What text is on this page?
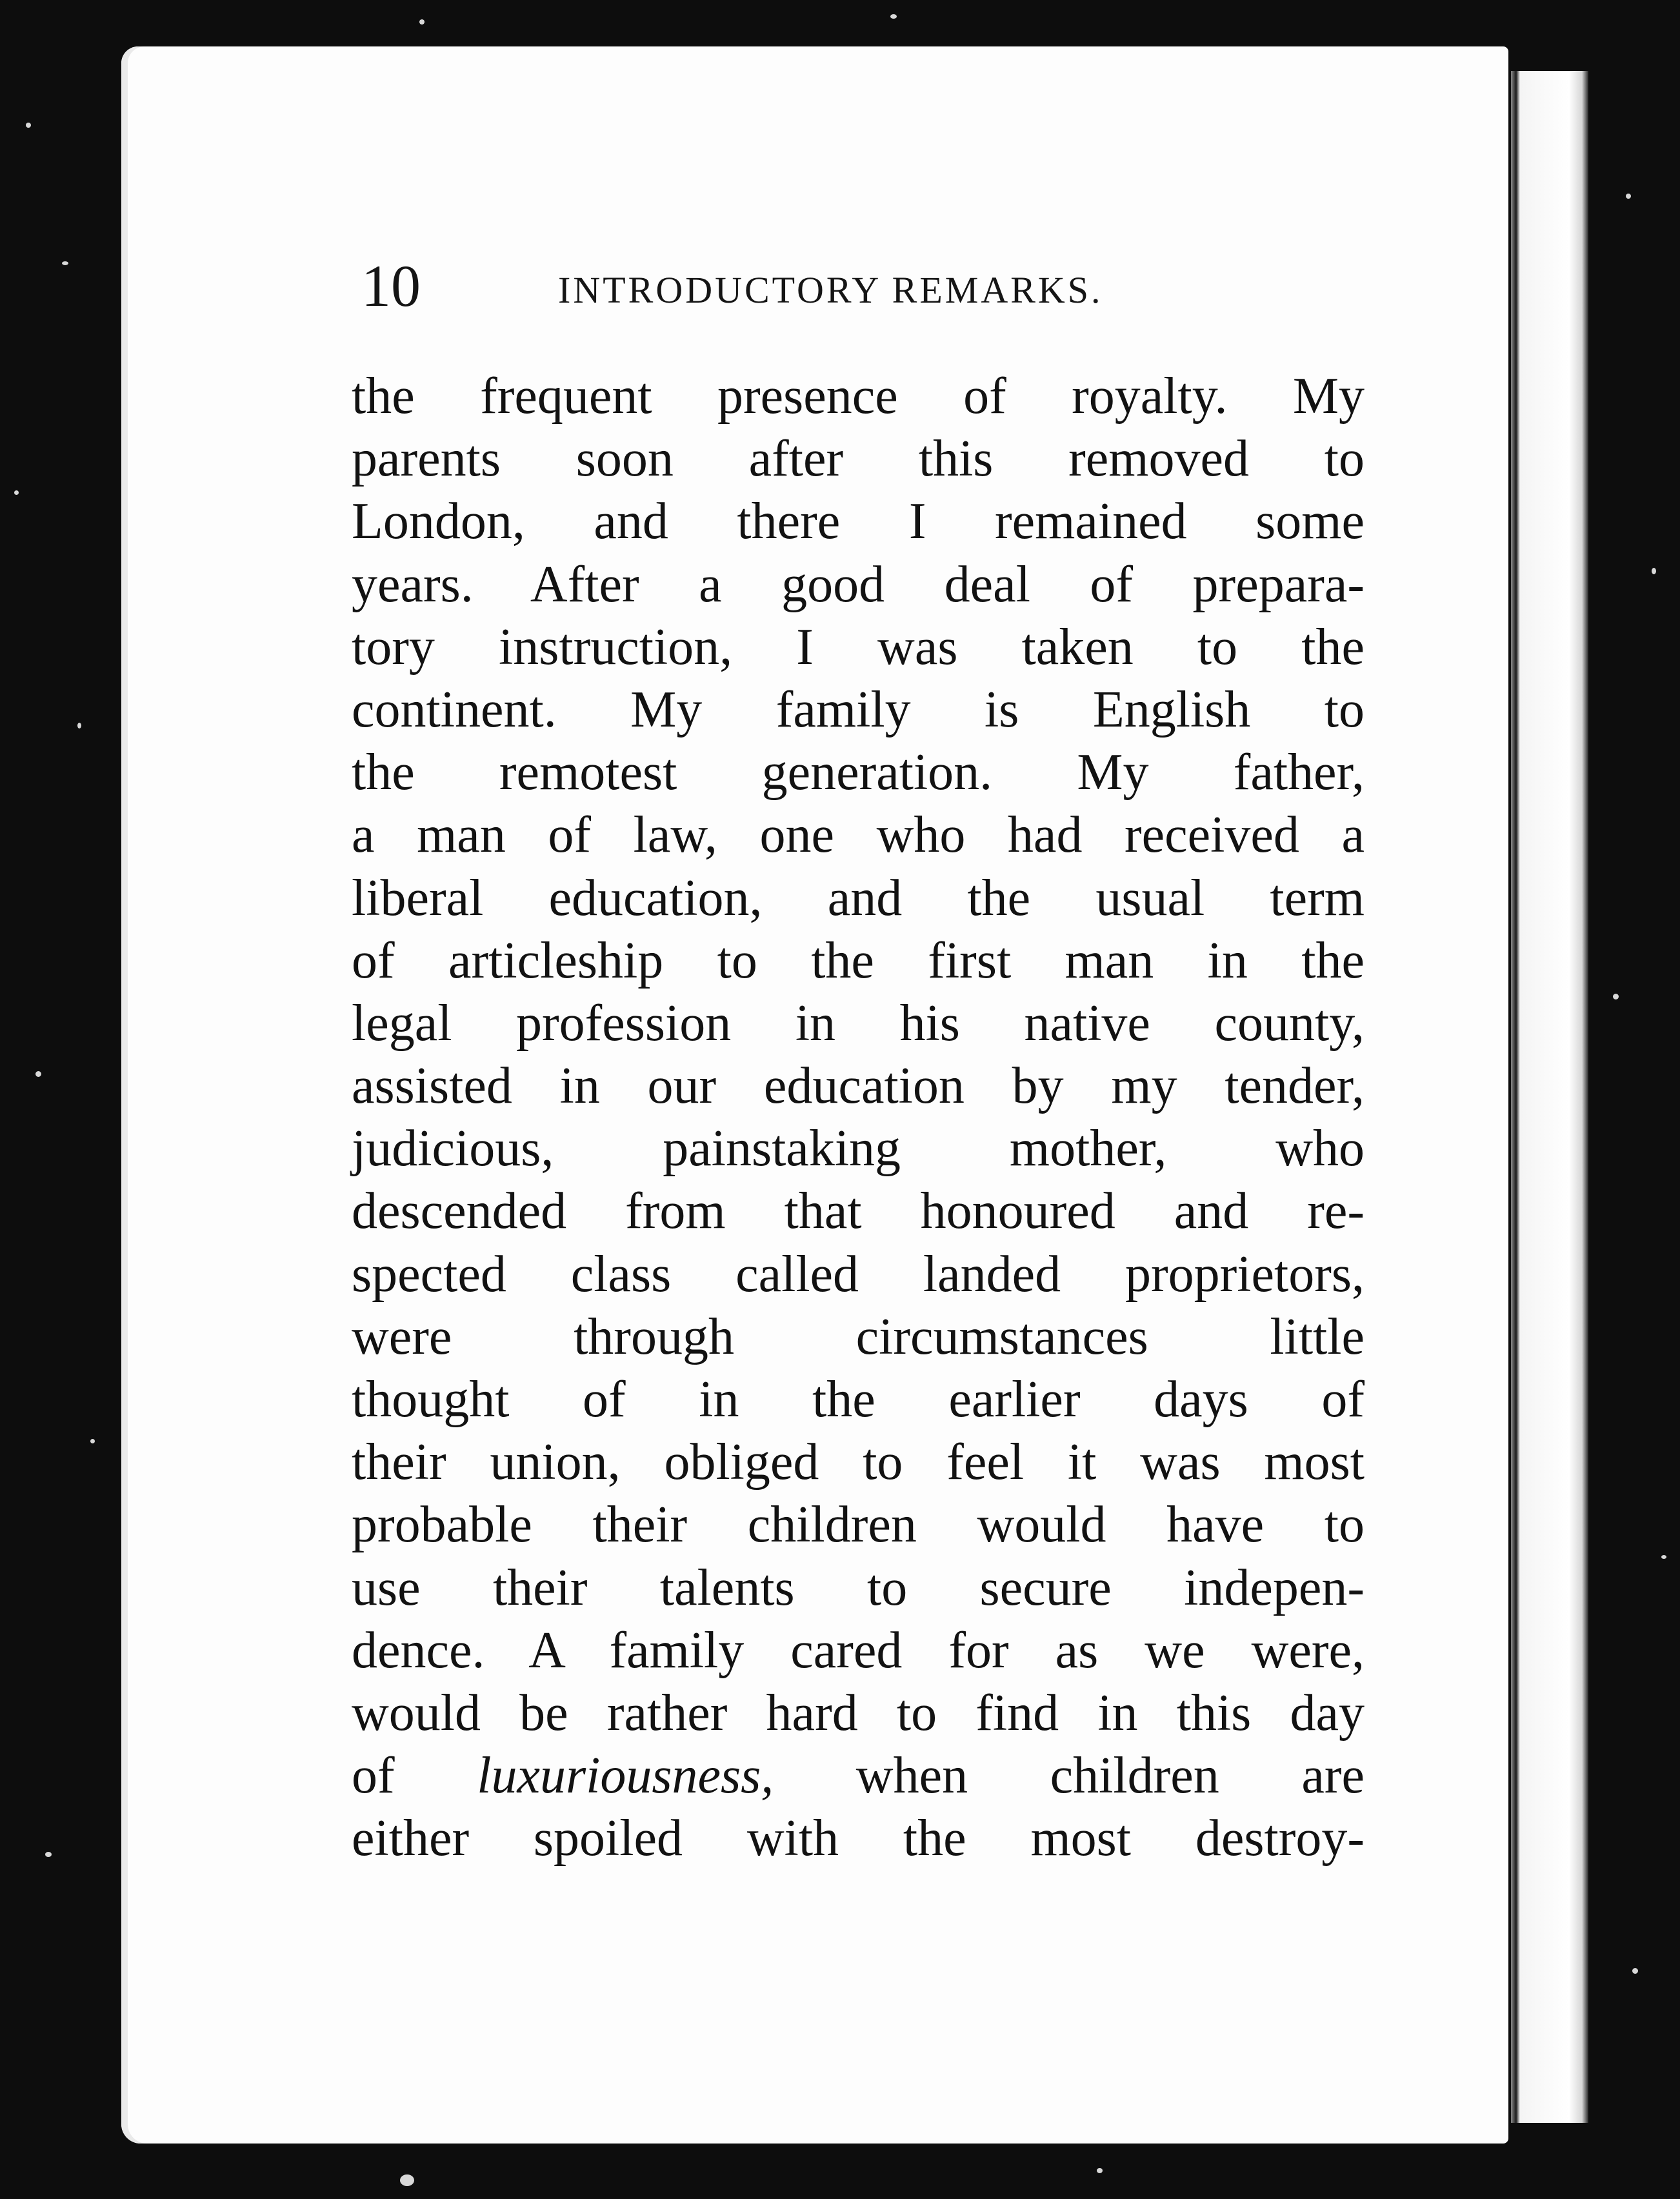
10	INTRODUCTORY REMARKS.
the frequent presence of royalty. My
parents soon after this removed to
London, and there I remained some
years. After a good deal of prepara-
tory instruction, I was taken to the
continent. My family is English to
the remotest generation. My father,
a man of law, one who had received a
liberal education, and the usual term
of articleship to the first man in the
legal profession in his native county,
assisted in our education by my tender,
judicious, painstaking mother, who
descended from that honoured and re-
spected class called landed proprietors,
were through circumstances little
thought of in the earlier days of
their union, obliged to feel it was most
probable their children would have to
use their talents to secure indepen-
dence. A family cared for as we were,
would be rather hard to find in this day
of luxuriousness, when children are
either spoiled with the most destroy-
